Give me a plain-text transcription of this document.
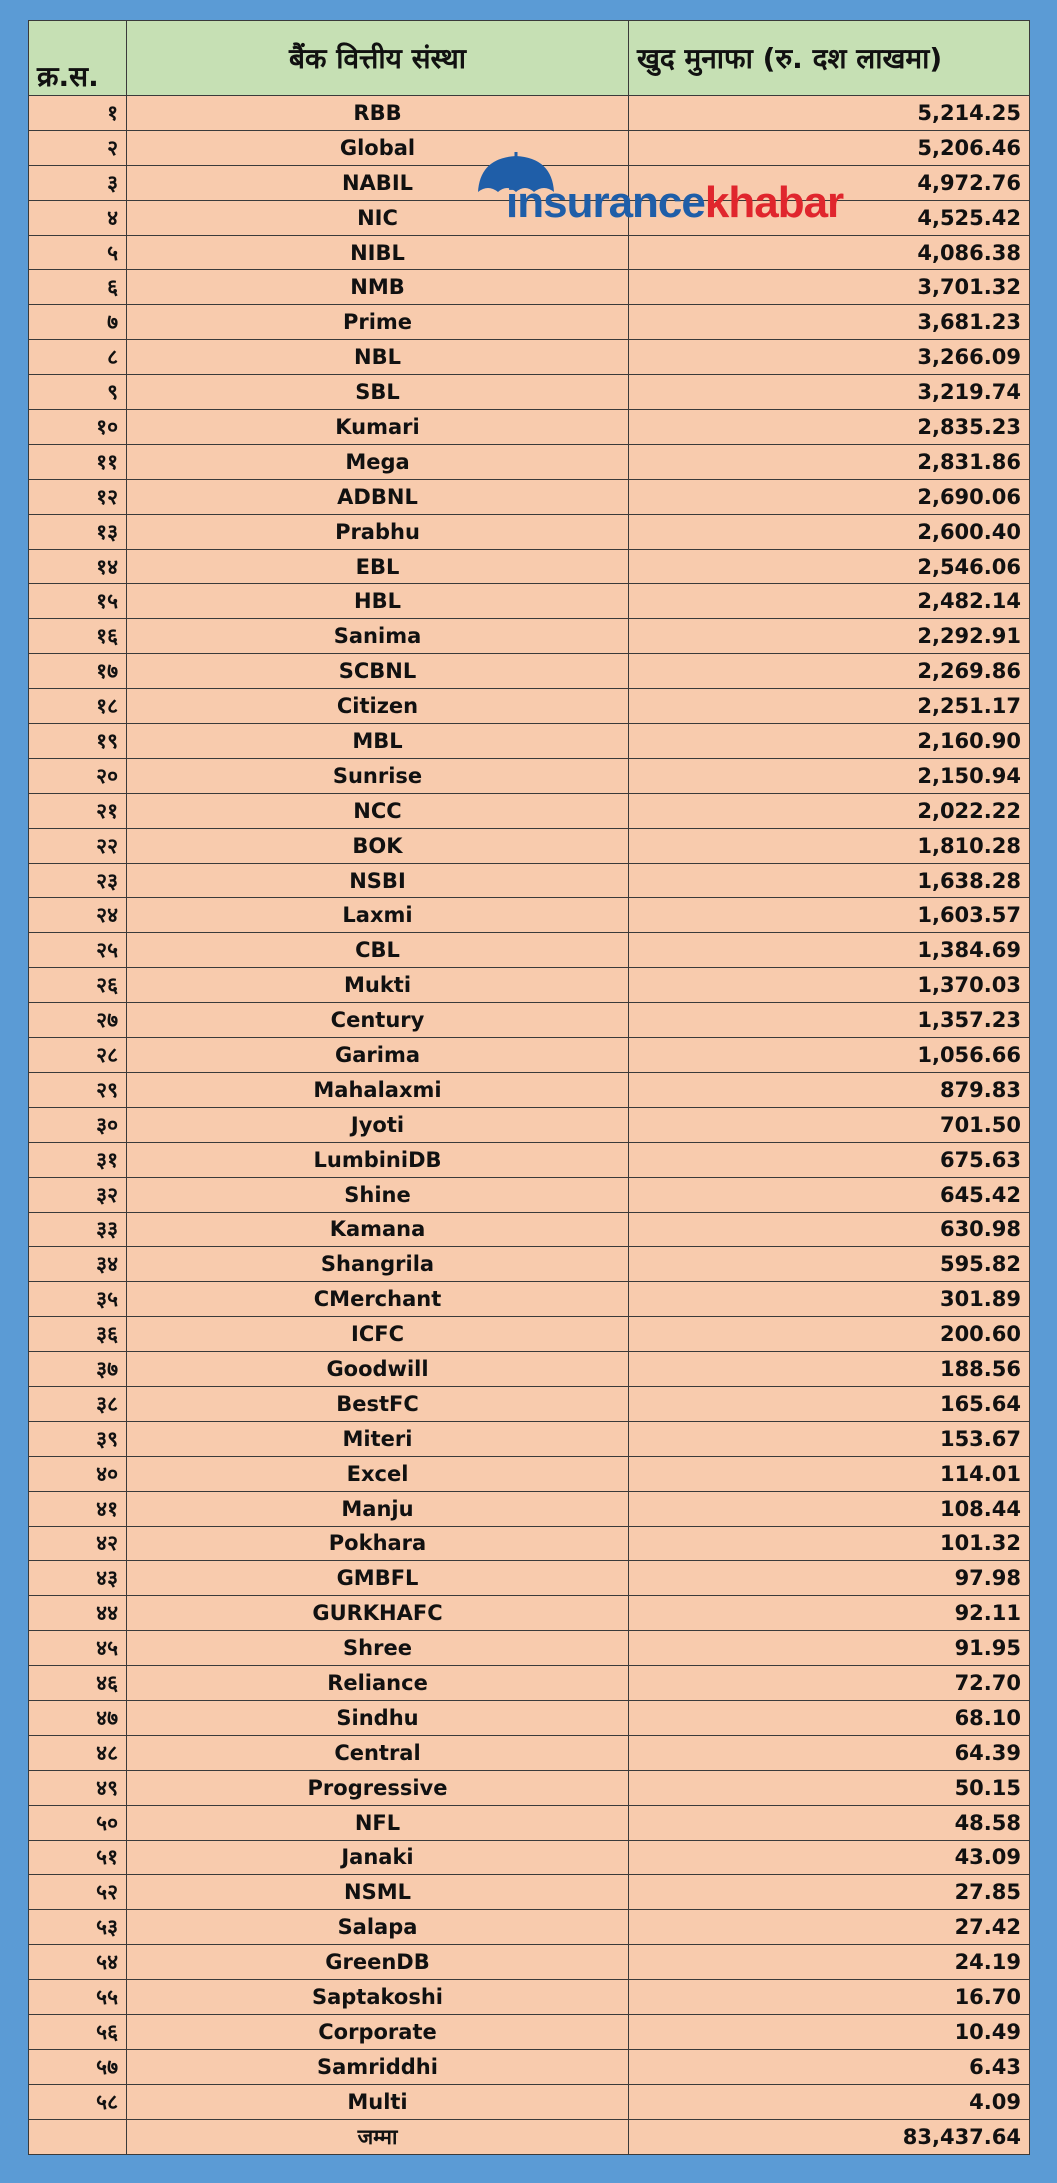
क्र.स.	बैंक वित्तीय संस्था	खुद मुनाफा (रु. दश लाखमा)
१	RBB	5,214.25
२	Global	5,206.46
३	NABIL	4,972.76
४	NIC	4,525.42
५	NIBL	4,086.38
६	NMB	3,701.32
७	Prime	3,681.23
८	NBL	3,266.09
९	SBL	3,219.74
१०	Kumari	2,835.23
११	Mega	2,831.86
१२	ADBNL	2,690.06
१३	Prabhu	2,600.40
१४	EBL	2,546.06
१५	HBL	2,482.14
१६	Sanima	2,292.91
१७	SCBNL	2,269.86
१८	Citizen	2,251.17
१९	MBL	2,160.90
२०	Sunrise	2,150.94
२१	NCC	2,022.22
२२	BOK	1,810.28
२३	NSBI	1,638.28
२४	Laxmi	1,603.57
२५	CBL	1,384.69
२६	Mukti	1,370.03
२७	Century	1,357.23
२८	Garima	1,056.66
२९	Mahalaxmi	879.83
३०	Jyoti	701.50
३१	LumbiniDB	675.63
३२	Shine	645.42
३३	Kamana	630.98
३४	Shangrila	595.82
३५	CMerchant	301.89
३६	ICFC	200.60
३७	Goodwill	188.56
३८	BestFC	165.64
३९	Miteri	153.67
४०	Excel	114.01
४१	Manju	108.44
४२	Pokhara	101.32
४३	GMBFL	97.98
४४	GURKHAFC	92.11
४५	Shree	91.95
४६	Reliance	72.70
४७	Sindhu	68.10
४८	Central	64.39
४९	Progressive	50.15
५०	NFL	48.58
५१	Janaki	43.09
५२	NSML	27.85
५३	Salapa	27.42
५४	GreenDB	24.19
५५	Saptakoshi	16.70
५६	Corporate	10.49
५७	Samriddhi	6.43
५८	Multi	4.09
	जम्मा	83,437.64
insurancekhabar
